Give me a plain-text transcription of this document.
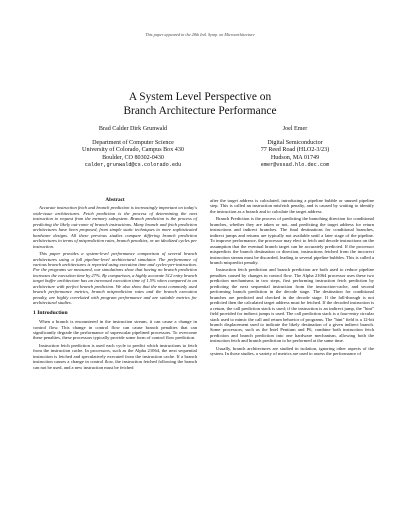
This paper appeared in the 28th Intl. Symp. on Microarchitecture
A System Level Perspective on
Branch Architecture Performance
Brad Calder Dirk Grunwald
Department of Computer Science
University of Colorado, Campus Box 430
Boulder, CO 80302-0430
calder,grunwald@cs.colorado.edu
Joel Emer
Digital Semiconductor
77 Reed Road (HLO2-3/23)
Hudson, MA 01749
emer@vssad.hlo.dec.com
Abstract

Accurate instruction fetch and branch prediction is increasingly important on today's wide-issue architectures. Fetch prediction is the process of determining the next instruction to request from the memory subsystem. Branch prediction is the process of predicting the likely out-come of branch instructions. Many branch and fetch prediction architectures have been proposed, from simple static techniques to more sophisticated hardware designs. All these previous studies compare differing branch prediction architectures in terms of misprediction rates, branch penalties, or an idealized cycles per instruction.

This paper provides a system-level performance comparison of several branch architectures using a full pipeline-level architectural simulator. The performance of various branch architectures is reported using execution time and cycles-per-instruction. For the programs we measured, our simulations show that having no branch prediction increases the execution time by 27%. By comparison, a highly accurate 512 entry branch target buffer architecture has an increased execution time of 1.5% when compared to an architecture with perfect branch prediction. We also show that the most commonly used branch performance metrics, branch misprediction rates and the branch execution penalty, are highly correlated with program performance and are suitable metrics for architectural studies.

1 Introduction

When a branch is encountered in the instruction stream, it can cause a change in control flow. This change in control flow can cause branch penalties that can significantly degrade the performance of superscalar pipelined processors. To overcome these penalties, these processors typically provide some form of control flow prediction.

Instruction fetch prediction is used each cycle to predict which instructions to fetch from the instruction cache. In processors, such as the Alpha 21064, the next sequential instruction is fetched and speculatively executed from the instruction cache. If a branch instruction causes a change in control flow, the instruction fetched following the branch can not be used, and a new instruction must be fetched

after the target address is calculated, introducing a pipeline bubble or unused pipeline step. This is called an instruction misfetch penalty, and is caused by waiting to identify the instruction as a branch and to calculate the target address.

Branch Prediction is the process of predicting the branching direction for conditional branches, whether they are taken or not, and predicting the target address for return instructions and indirect branches. The final destinations for conditional branches, indirect jumps and returns are typically not available until a later stage of the pipeline. To improve performance, the processor may elect to fetch and decode instructions on the assumption that the eventual branch target can be accurately predicted. If the processor mispredicts the branch destination or direction, instructions fetched from the incorrect instruction stream must be discarded, leading to several pipeline bubbles. This is called a branch mispredict penalty.

Instruction fetch prediction and branch prediction are both used to reduce pipeline penalties caused by changes in control flow. The Alpha 21064 processor uses these two prediction mechanisms in two steps, first performing instruction fetch prediction by predicting the next sequential instruction from the instruction-cache, and second performing branch prediction in the decode stage. The destination for conditional branches are predicted and checked in the decode stage. If the fall-through is not predicted then the calculated target address must be fetched. If the decoded instruction is a return, the call prediction stack is used; if the instruction is an indirect jump, the "hint" field provided for indirect jumps is used. The call prediction stack is a four-entry circular stack used to mimic the call and return behavior of programs. The "hint" field is a 12-bit branch displacement used to indicate the likely destination of a given indirect branch. Some processors, such as the Intel Pentium and P6, combine both instruction fetch prediction and branch prediction into one hardware mechanism, allowing both the instruction fetch and branch prediction to be performed at the same time.

Usually, branch architectures are studied in isolation, ignoring other aspects of the system. In those studies, a variety of metrics are used to assess the performance of
